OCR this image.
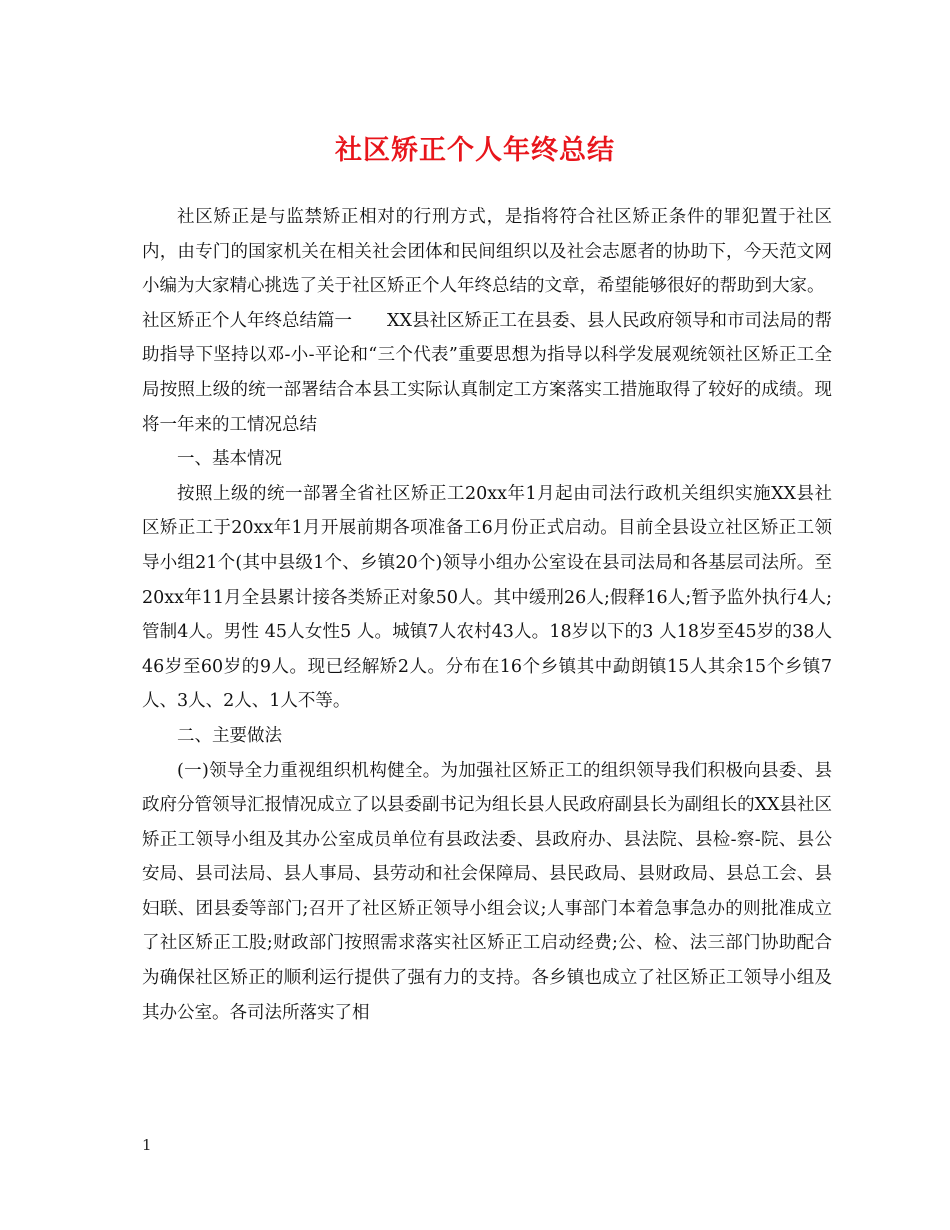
社区矫正个人年终总结

社区矫正是与监禁矫正相对的行刑方式，是指将符合社区矫正条件的罪犯置于社区内，由专门的国家机关在相关社会团体和民间组织以及社会志愿者的协助下，今天范文网小编为大家精心挑选了关于社区矫正个人年终总结的文章，希望能够很好的帮助到大家。

社区矫正个人年终总结篇一　　XX县社区矫正工在县委、县人民政府领导和市司法局的帮助指导下坚持以邓-小-平论和“三个代表”重要思想为指导以科学发展观统领社区矫正工全局按照上级的统一部署结合本县工实际认真制定工方案落实工措施取得了较好的成绩。现将一年来的工情况总结

一、基本情况

按照上级的统一部署全省社区矫正工20xx年1月起由司法行政机关组织实施XX县社区矫正工于20xx年1月开展前期各项准备工6月份正式启动。目前全县设立社区矫正工领导小组21个(其中县级1个、乡镇20个)领导小组办公室设在县司法局和各基层司法所。至20xx年11月全县累计接各类矫正对象50人。其中缓刑26人;假释16人;暂予监外执行4人;管制4人。男性 45人女性5 人。城镇7人农村43人。18岁以下的3 人18岁至45岁的38人46岁至60岁的9人。现已经解矫2人。分布在16个乡镇其中勐朗镇15人其余15个乡镇7人、3人、2人、1人不等。

二、主要做法

(一)领导全力重视组织机构健全。为加强社区矫正工的组织领导我们积极向县委、县政府分管领导汇报情况成立了以县委副书记为组长县人民政府副县长为副组长的XX县社区矫正工领导小组及其办公室成员单位有县政法委、县政府办、县法院、县检-察-院、县公安局、县司法局、县人事局、县劳动和社会保障局、县民政局、县财政局、县总工会、县妇联、团县委等部门;召开了社区矫正领导小组会议;人事部门本着急事急办的则批准成立了社区矫正工股;财政部门按照需求落实社区矫正工启动经费;公、检、法三部门协助配合为确保社区矫正的顺利运行提供了强有力的支持。各乡镇也成立了社区矫正工领导小组及其办公室。各司法所落实了相

1
